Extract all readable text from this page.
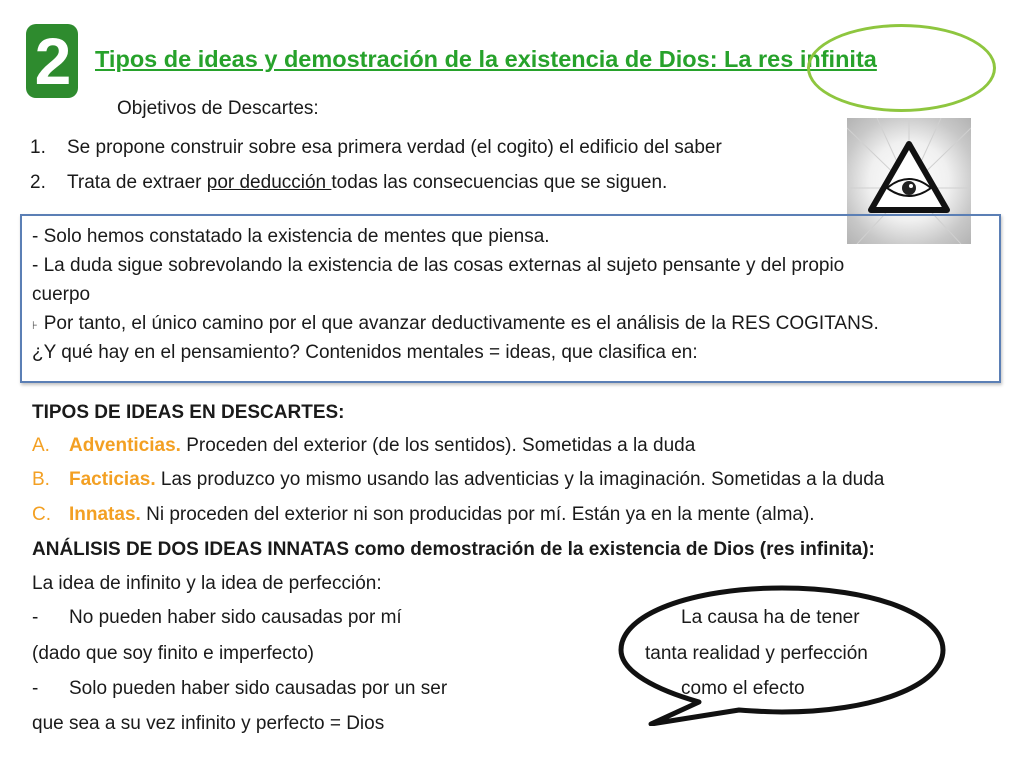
2	Tipos de ideas y demostración de la existencia de Dios: La res infinita
Objetivos de Descartes:
1. Se propone construir sobre esa primera verdad (el cogito) el edificio del saber
2. Trata de extraer por deducción todas las consecuencias que se siguen.
- Solo hemos constatado la existencia de mentes que piensa.
- La duda sigue sobrevolando la existencia de las cosas externas al sujeto pensante y del propio
cuerpo
⊦ Por tanto, el único camino por el que avanzar deductivamente es el análisis de la RES COGITANS.
¿Y qué hay en el pensamiento? Contenidos mentales = ideas, que clasifica en:
TIPOS DE IDEAS EN DESCARTES:
A. Adventicias. Proceden del exterior (de los sentidos). Sometidas a la duda
B. Facticias. Las produzco yo mismo usando las adventicias y la imaginación. Sometidas a la duda
C. Innatas. Ni proceden del exterior ni son producidas por mí. Están ya en la mente (alma).
ANÁLISIS DE DOS IDEAS INNATAS como demostración de la existencia de Dios (res infinita):
La idea de infinito y la idea de perfección:
- No pueden haber sido causadas por mí
(dado que soy finito e imperfecto)
- Solo pueden haber sido causadas por un ser
que sea a su vez infinito y perfecto = Dios
La causa ha de tener
tanta realidad y perfección
como el efecto
